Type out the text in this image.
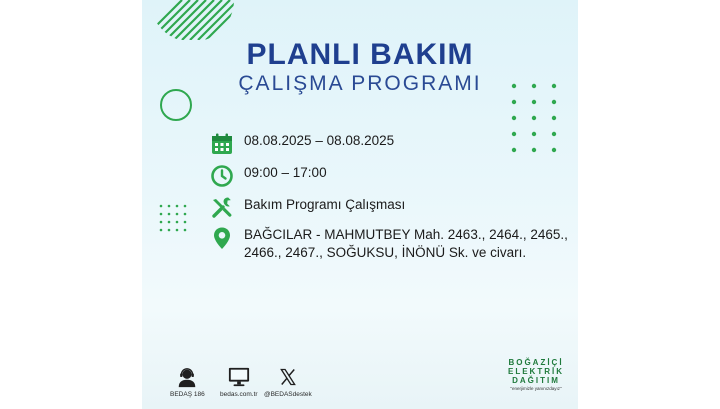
PLANLI BAKIM
ÇALIŞMA PROGRAMI
08.08.2025 – 08.08.2025
09:00 – 17:00
Bakım Programı Çalışması
BAĞCILAR - MAHMUTBEY Mah. 2463., 2464., 2465., 2466., 2467., SOĞUKSU, İNÖNÜ Sk. ve civarı.
BEDAŞ 186 bedas.com.tr @BEDASdestek
BOĞAZİÇİ
ELEKTRİK
DAĞITIM
"enerjimizle yanınızdayız"
